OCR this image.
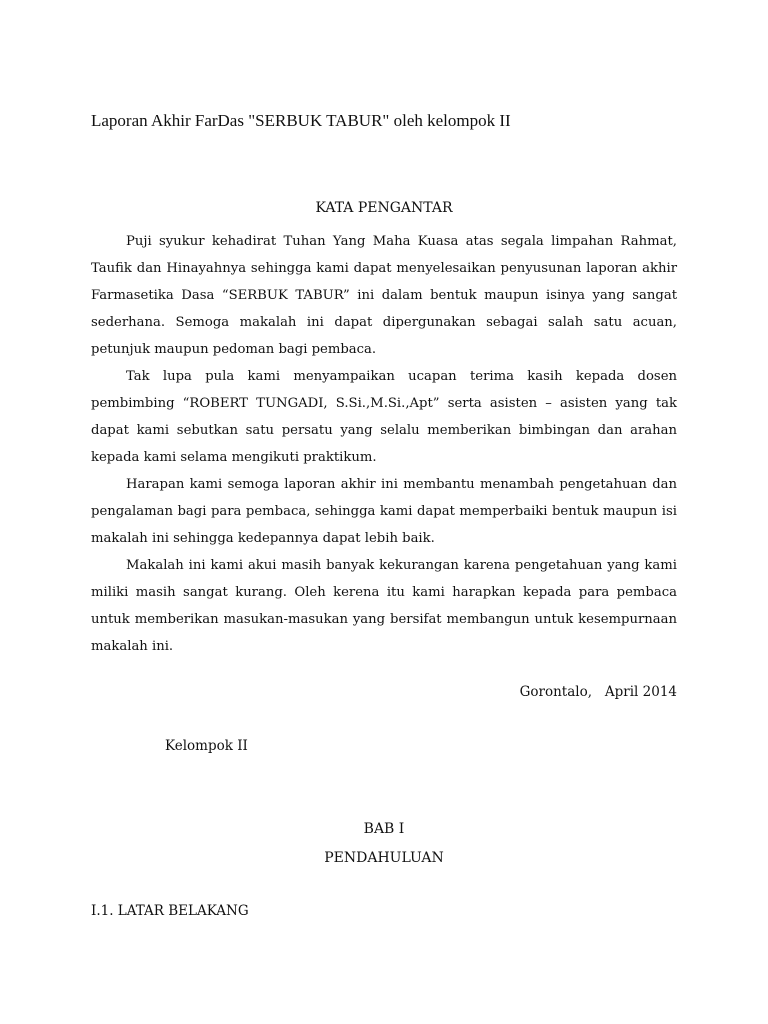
Laporan Akhir FarDas "SERBUK TABUR" oleh kelompok II
KATA PENGANTAR

Puji syukur kehadirat Tuhan Yang Maha Kuasa atas segala limpahan Rahmat, Taufik dan Hinayahnya sehingga kami dapat menyelesaikan penyusunan laporan akhir Farmasetika Dasa “SERBUK TABUR” ini dalam bentuk maupun isinya yang sangat sederhana. Semoga makalah ini dapat dipergunakan sebagai salah satu acuan, petunjuk maupun pedoman bagi pembaca.

Tak lupa pula kami menyampaikan ucapan terima kasih kepada dosen pembimbing “ROBERT TUNGADI, S.Si.,M.Si.,Apt” serta asisten – asisten yang tak dapat kami sebutkan satu persatu yang selalu memberikan bimbingan dan arahan kepada kami selama mengikuti praktikum.

Harapan kami semoga laporan akhir ini membantu menambah pengetahuan dan pengalaman bagi para pembaca, sehingga kami dapat memperbaiki bentuk maupun isi makalah ini sehingga kedepannya dapat lebih baik.

Makalah ini kami akui masih banyak kekurangan karena pengetahuan yang kami miliki masih sangat kurang. Oleh kerena itu kami harapkan kepada para pembaca untuk memberikan masukan-masukan yang bersifat membangun untuk kesempurnaan makalah ini.

Gorontalo,   April 2014
Kelompok II
BAB I
PENDAHULUAN
I.1. LATAR BELAKANG
